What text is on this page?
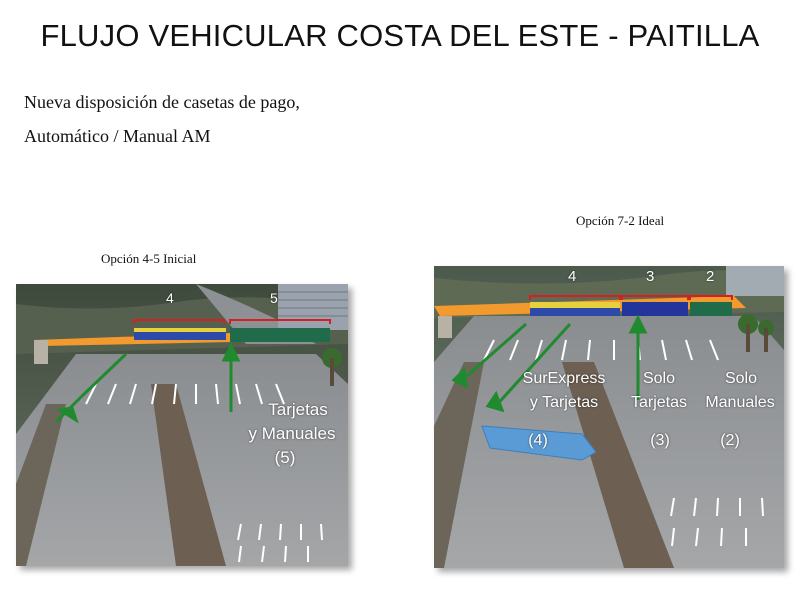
FLUJO VEHICULAR COSTA DEL ESTE - PAITILLA
Nueva disposición de casetas de pago,
Automático / Manual AM
Opción 4-5 Inicial
Opción 7-2 Ideal
4	5
Tarjetas
y Manuales
(5)
4	3	2
SurExpress
y Tarjetas
(4)
Solo
Tarjetas
(3)
Solo
Manuales
(2)
